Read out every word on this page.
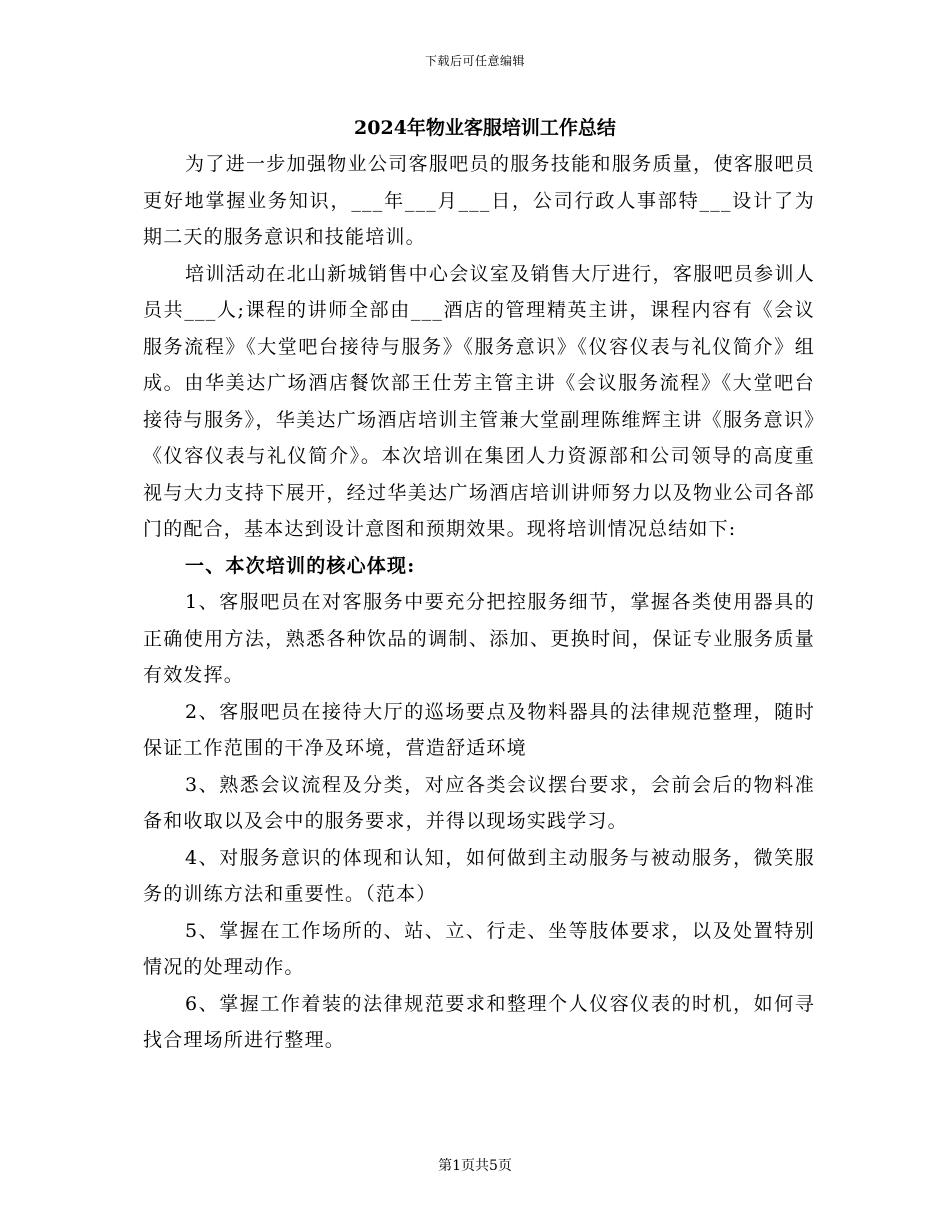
下载后可任意编辑
2024年物业客服培训工作总结

为了进一步加强物业公司客服吧员的服务技能和服务质量，使客服吧员更好地掌握业务知识，___年___月___日，公司行政人事部特___设计了为期二天的服务意识和技能培训。

培训活动在北山新城销售中心会议室及销售大厅进行，客服吧员参训人员共___人;课程的讲师全部由___酒店的管理精英主讲，课程内容有《会议服务流程》《大堂吧台接待与服务》《服务意识》《仪容仪表与礼仪简介》组成。由华美达广场酒店餐饮部王仕芳主管主讲《会议服务流程》《大堂吧台接待与服务》，华美达广场酒店培训主管兼大堂副理陈维辉主讲《服务意识》《仪容仪表与礼仪简介》。本次培训在集团人力资源部和公司领导的高度重视与大力支持下展开，经过华美达广场酒店培训讲师努力以及物业公司各部门的配合，基本达到设计意图和预期效果。现将培训情况总结如下:

一、本次培训的核心体现:

1、客服吧员在对客服务中要充分把控服务细节，掌握各类使用器具的正确使用方法，熟悉各种饮品的调制、添加、更换时间，保证专业服务质量有效发挥。

2、客服吧员在接待大厅的巡场要点及物料器具的法律规范整理，随时保证工作范围的干净及环境，营造舒适环境

3、熟悉会议流程及分类，对应各类会议摆台要求，会前会后的物料准备和收取以及会中的服务要求，并得以现场实践学习。

4、对服务意识的体现和认知，如何做到主动服务与被动服务，微笑服务的训练方法和重要性。（范本）

5、掌握在工作场所的、站、立、行走、坐等肢体要求，以及处置特别情况的处理动作。

6、掌握工作着装的法律规范要求和整理个人仪容仪表的时机，如何寻找合理场所进行整理。

第1页共5页
